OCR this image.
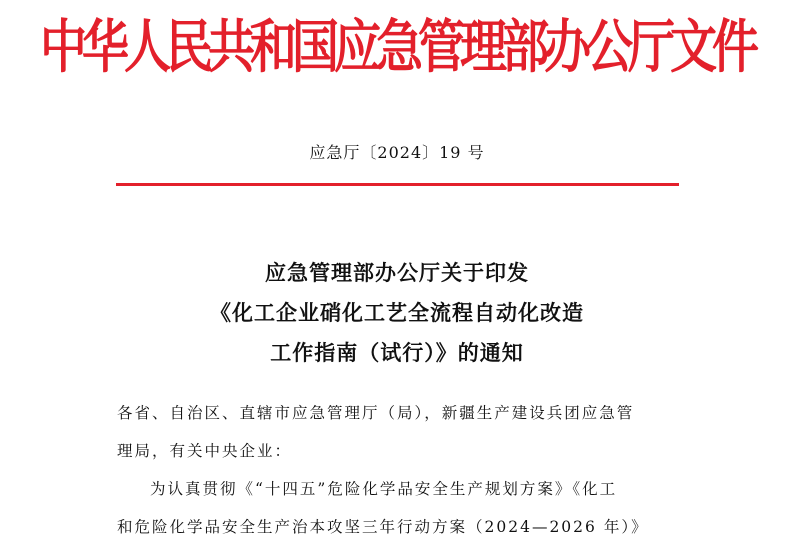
中华人民共和国应急管理部办公厅文件
应急厅〔2024〕19 号
应急管理部办公厅关于印发
《化工企业硝化工艺全流程自动化改造
工作指南（试行）》的通知

各省、自治区、直辖市应急管理厅（局），新疆生产建设兵团应急管

理局，有关中央企业：

为认真贯彻《“十四五”危险化学品安全生产规划方案》《化工

和危险化学品安全生产治本攻坚三年行动方案（2024—2026 年）》
